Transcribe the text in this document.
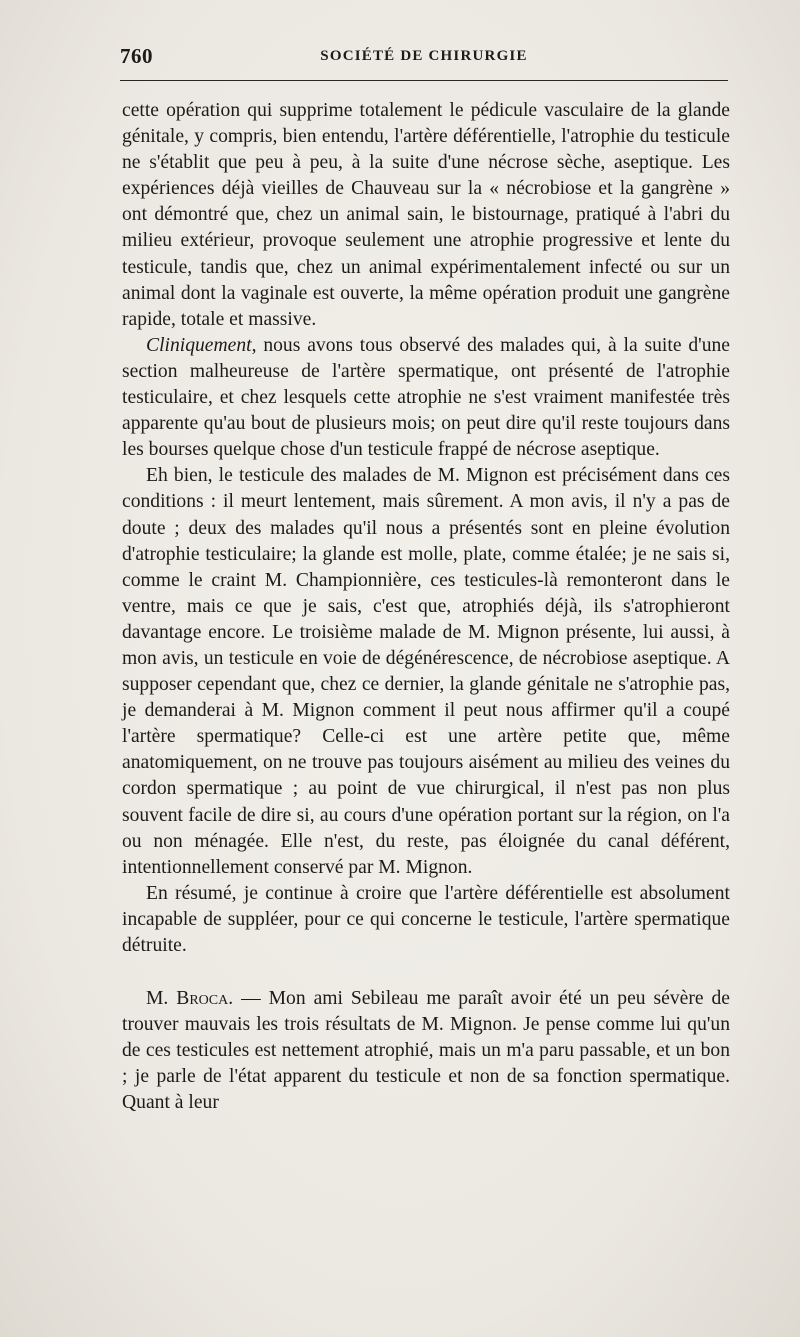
760	SOCIÉTÉ DE CHIRURGIE

cette opération qui supprime totalement le pédicule vasculaire de la glande génitale, y compris, bien entendu, l'artère déférentielle, l'atrophie du testicule ne s'établit que peu à peu, à la suite d'une nécrose sèche, aseptique. Les expériences déjà vieilles de Chauveau sur la « nécrobiose et la gangrène » ont démontré que, chez un animal sain, le bistournage, pratiqué à l'abri du milieu extérieur, provoque seulement une atrophie progressive et lente du testicule, tandis que, chez un animal expérimentalement infecté ou sur un animal dont la vaginale est ouverte, la même opération produit une gangrène rapide, totale et massive.

Cliniquement, nous avons tous observé des malades qui, à la suite d'une section malheureuse de l'artère spermatique, ont présenté de l'atrophie testiculaire, et chez lesquels cette atrophie ne s'est vraiment manifestée très apparente qu'au bout de plusieurs mois; on peut dire qu'il reste toujours dans les bourses quelque chose d'un testicule frappé de nécrose aseptique.

Eh bien, le testicule des malades de M. Mignon est précisément dans ces conditions : il meurt lentement, mais sûrement. A mon avis, il n'y a pas de doute ; deux des malades qu'il nous a présentés sont en pleine évolution d'atrophie testiculaire; la glande est molle, plate, comme étalée; je ne sais si, comme le craint M. Championnière, ces testicules-là remonteront dans le ventre, mais ce que je sais, c'est que, atrophiés déjà, ils s'atrophieront davantage encore. Le troisième malade de M. Mignon présente, lui aussi, à mon avis, un testicule en voie de dégénérescence, de nécrobiose aseptique. A supposer cependant que, chez ce dernier, la glande génitale ne s'atrophie pas, je demanderai à M. Mignon comment il peut nous affirmer qu'il a coupé l'artère spermatique? Celle-ci est une artère petite que, même anatomiquement, on ne trouve pas toujours aisément au milieu des veines du cordon spermatique ; au point de vue chirurgical, il n'est pas non plus souvent facile de dire si, au cours d'une opération portant sur la région, on l'a ou non ménagée. Elle n'est, du reste, pas éloignée du canal déférent, intentionnellement conservé par M. Mignon.

En résumé, je continue à croire que l'artère déférentielle est absolument incapable de suppléer, pour ce qui concerne le testicule, l'artère spermatique détruite.

M. Broca. — Mon ami Sebileau me paraît avoir été un peu sévère de trouver mauvais les trois résultats de M. Mignon. Je pense comme lui qu'un de ces testicules est nettement atrophié, mais un m'a paru passable, et un bon ; je parle de l'état apparent du testicule et non de sa fonction spermatique. Quant à leur
